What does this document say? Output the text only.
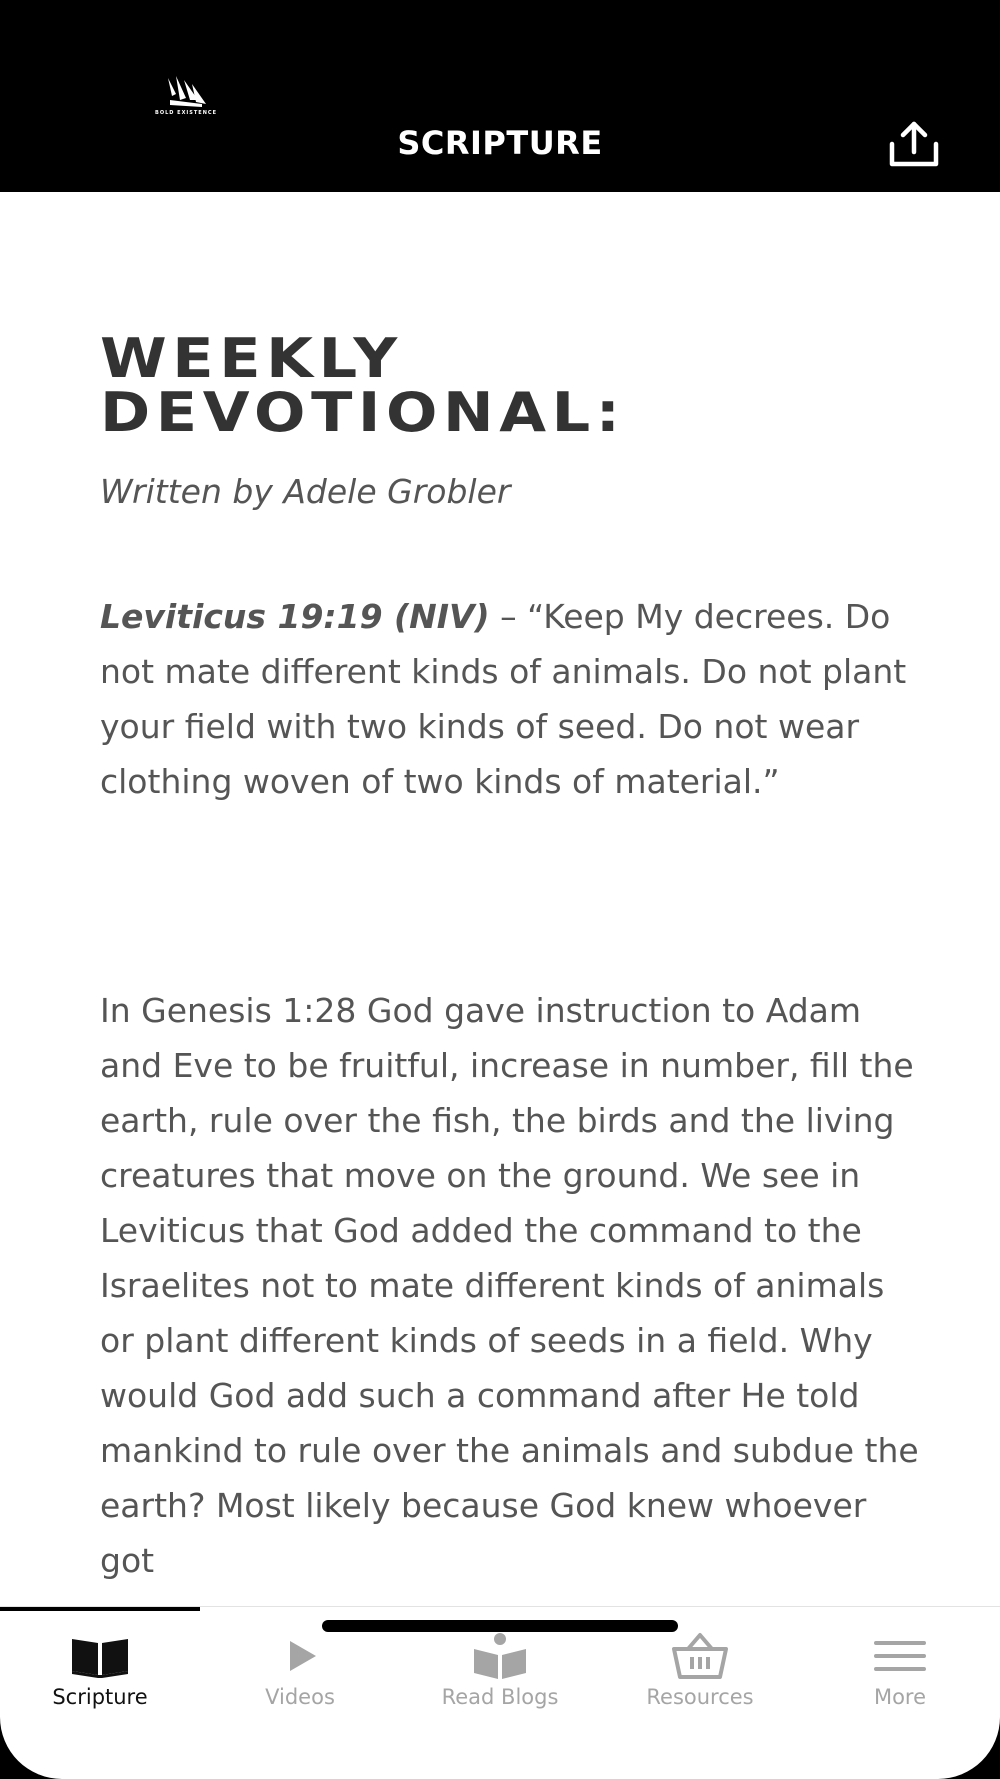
BOLD EXISTENCE
SCRIPTURE
WEEKLY
DEVOTIONAL:
Written by Adele Grobler

Leviticus 19:19 (NIV) – “Keep My decrees. Do not mate different kinds of animals. Do not plant your field with two kinds of seed. Do not wear clothing woven of two kinds of material.”

In Genesis 1:28 God gave instruction to Adam and Eve to be fruitful, increase in number, fill the earth, rule over the fish, the birds and the living creatures that move on the ground. We see in Leviticus that God added the command to the Israelites not to mate different kinds of animals or plant different kinds of seeds in a field. Why would God add such a command after He told mankind to rule over the animals and subdue the earth? Most likely because God knew whoever got

Scripture	Videos	Read Blogs	Resources	More
